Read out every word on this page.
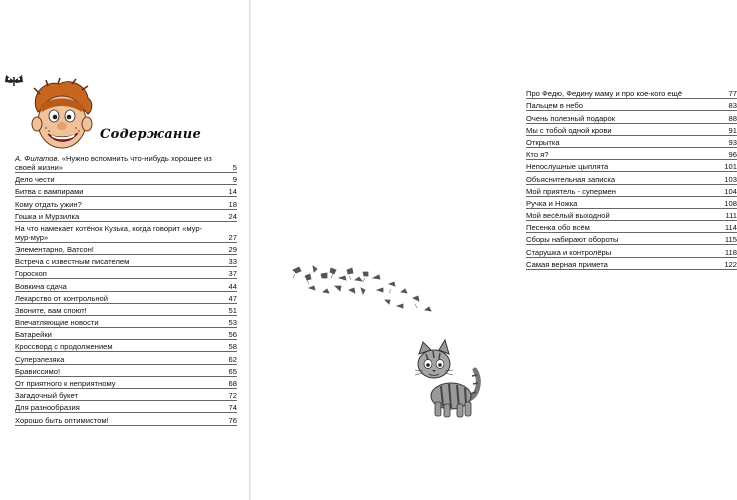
Содержание
А. Филатов. «Нужно вспомнить что-нибудь хорошее из своей жизни»	5
Дело чести	9
Битва с вампирами	14
Кому отдать ужин?	18
Гошка и Мурзилка	24
На что намекает котёнок Кузька, когда говорит «мур-мур-мур»	27
Элементарно, Ватсон!	29
Встреча с известным писателем	33
Гороскоп	37
Вовкина сдача	44
Лекарство от контрольной	47
Звоните, вам споют!	51
Впечатляющие новости	53
Батарейки	56
Кроссворд с продолжением	58
Суперэлезяка	62
Брависсимо!	65
От приятного к неприятному	68
Загадочный букет	72
Для разнообразия	74
Хорошо быть оптимистом!	76
Про Федю, Федину маму и про кое-кого ещё	77
Пальцем в небо	83
Очень полезный подарок	88
Мы с тобой одной крови	91
Открытка	93
Кто я?	96
Непослушные цыплята	101
Объяснительная записка	103
Мой приятель - супермен	104
Ручка и Ножка	108
Мой весёлый выходной	111
Песенка обо всём	114
Сборы набирают обороты	115
Старушка и контролёры	118
Самая верная примета	122
